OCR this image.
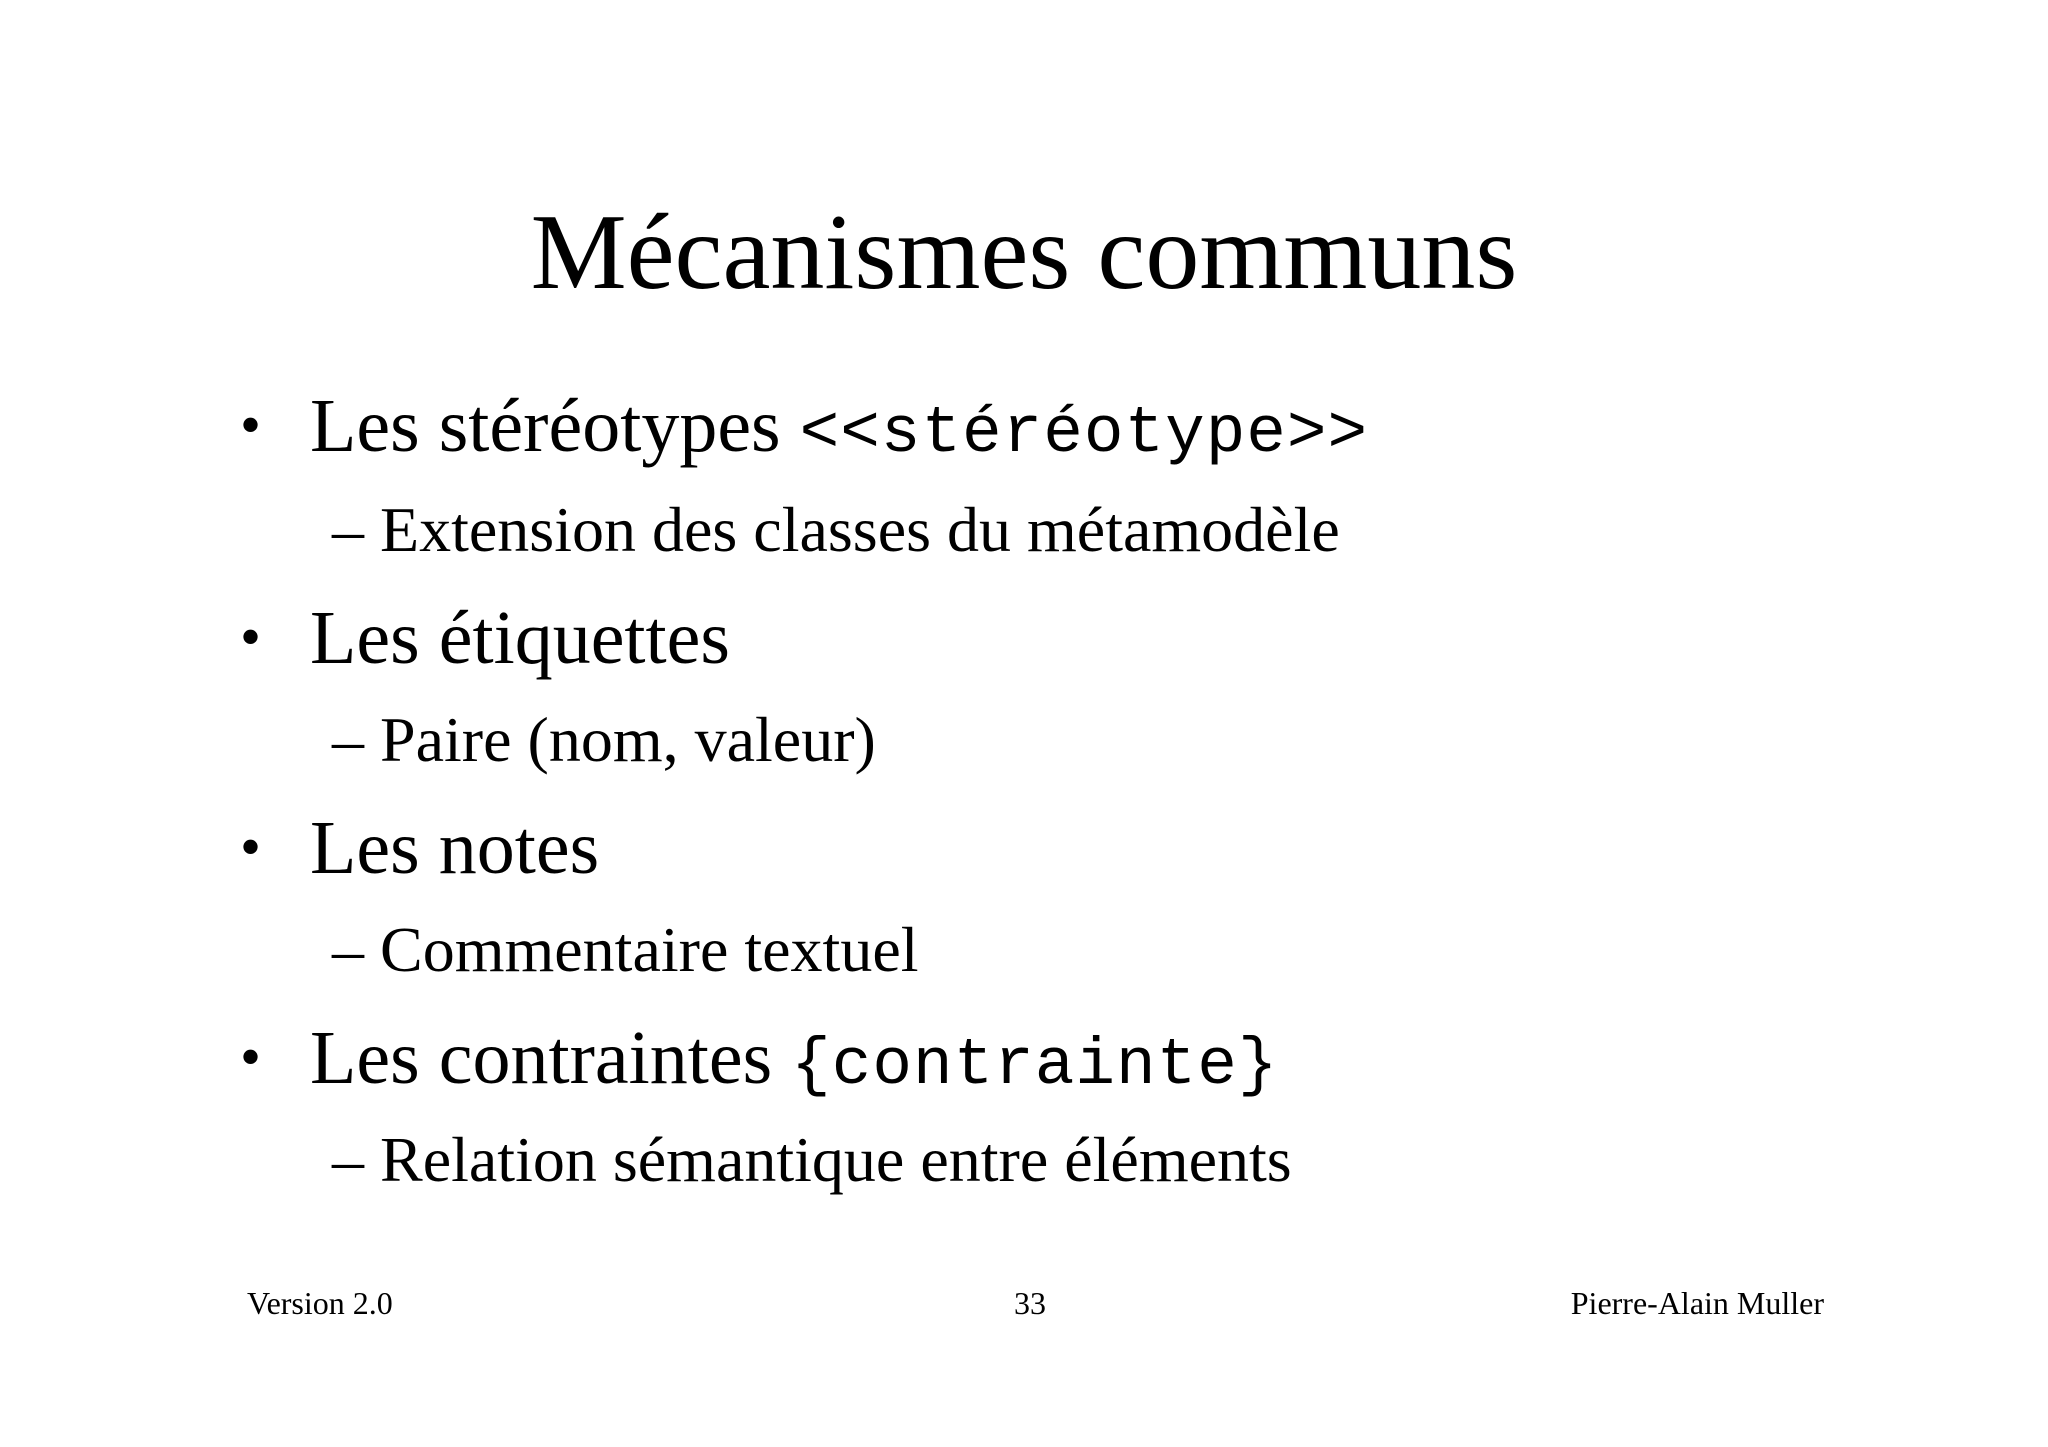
Mécanismes communs
• Les stéréotypes <<stéréotype>>
– Extension des classes du métamodèle
• Les étiquettes
– Paire (nom, valeur)
• Les notes
– Commentaire textuel
• Les contraintes {contrainte}
– Relation sémantique entre éléments
Version 2.0	33	Pierre-Alain Muller
